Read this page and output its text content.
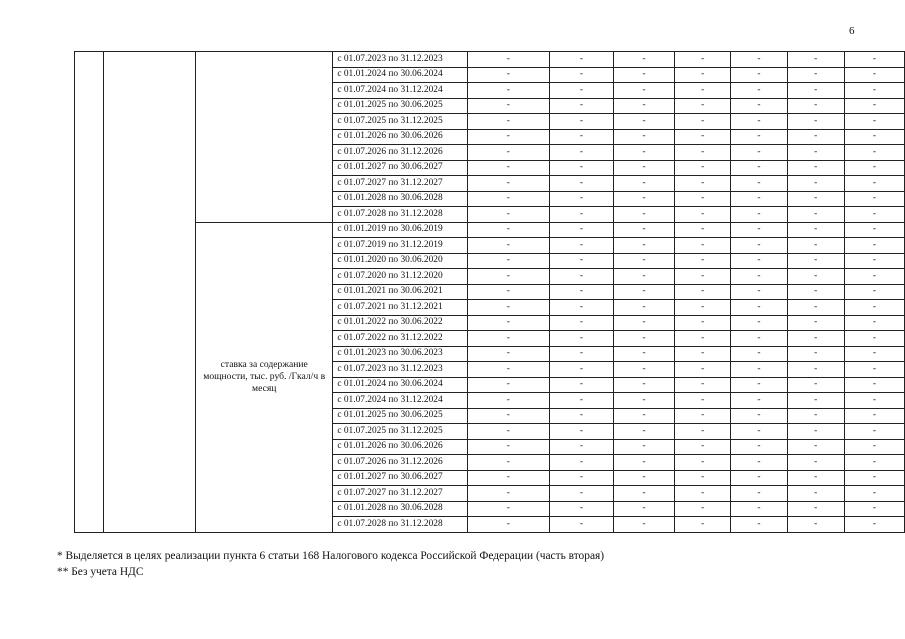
6
			с 01.07.2023 по 31.12.2023	-	-	-	-	-	-	-
			с 01.01.2024 по 30.06.2024	-	-	-	-	-	-	-
			с 01.07.2024 по 31.12.2024	-	-	-	-	-	-	-
			с 01.01.2025 по 30.06.2025	-	-	-	-	-	-	-
			с 01.07.2025 по 31.12.2025	-	-	-	-	-	-	-
			с 01.01.2026 по 30.06.2026	-	-	-	-	-	-	-
			с 01.07.2026 по 31.12.2026	-	-	-	-	-	-	-
			с 01.01.2027 по 30.06.2027	-	-	-	-	-	-	-
			с 01.07.2027 по 31.12.2027	-	-	-	-	-	-	-
			с 01.01.2028 по 30.06.2028	-	-	-	-	-	-	-
			с 01.07.2028 по 31.12.2028	-	-	-	-	-	-	-
		ставка за содержание мощности, тыс. руб. /Гкал/ч в месяц	с 01.01.2019 по 30.06.2019	-	-	-	-	-	-	-
			с 01.07.2019 по 31.12.2019	-	-	-	-	-	-	-
			с 01.01.2020 по 30.06.2020	-	-	-	-	-	-	-
			с 01.07.2020 по 31.12.2020	-	-	-	-	-	-	-
			с 01.01.2021 по 30.06.2021	-	-	-	-	-	-	-
			с 01.07.2021 по 31.12.2021	-	-	-	-	-	-	-
			с 01.01.2022 по 30.06.2022	-	-	-	-	-	-	-
			с 01.07.2022 по 31.12.2022	-	-	-	-	-	-	-
			с 01.01.2023 по 30.06.2023	-	-	-	-	-	-	-
			с 01.07.2023 по 31.12.2023	-	-	-	-	-	-	-
			с 01.01.2024 по 30.06.2024	-	-	-	-	-	-	-
			с 01.07.2024 по 31.12.2024	-	-	-	-	-	-	-
			с 01.01.2025 по 30.06.2025	-	-	-	-	-	-	-
			с 01.07.2025 по 31.12.2025	-	-	-	-	-	-	-
			с 01.01.2026 по 30.06.2026	-	-	-	-	-	-	-
			с 01.07.2026 по 31.12.2026	-	-	-	-	-	-	-
			с 01.01.2027 по 30.06.2027	-	-	-	-	-	-	-
			с 01.07.2027 по 31.12.2027	-	-	-	-	-	-	-
			с 01.01.2028 по 30.06.2028	-	-	-	-	-	-	-
			с 01.07.2028 по 31.12.2028	-	-	-	-	-	-	-
* Выделяется в целях реализации пункта 6 статьи 168 Налогового кодекса Российской Федерации (часть вторая)
** Без учета НДС
